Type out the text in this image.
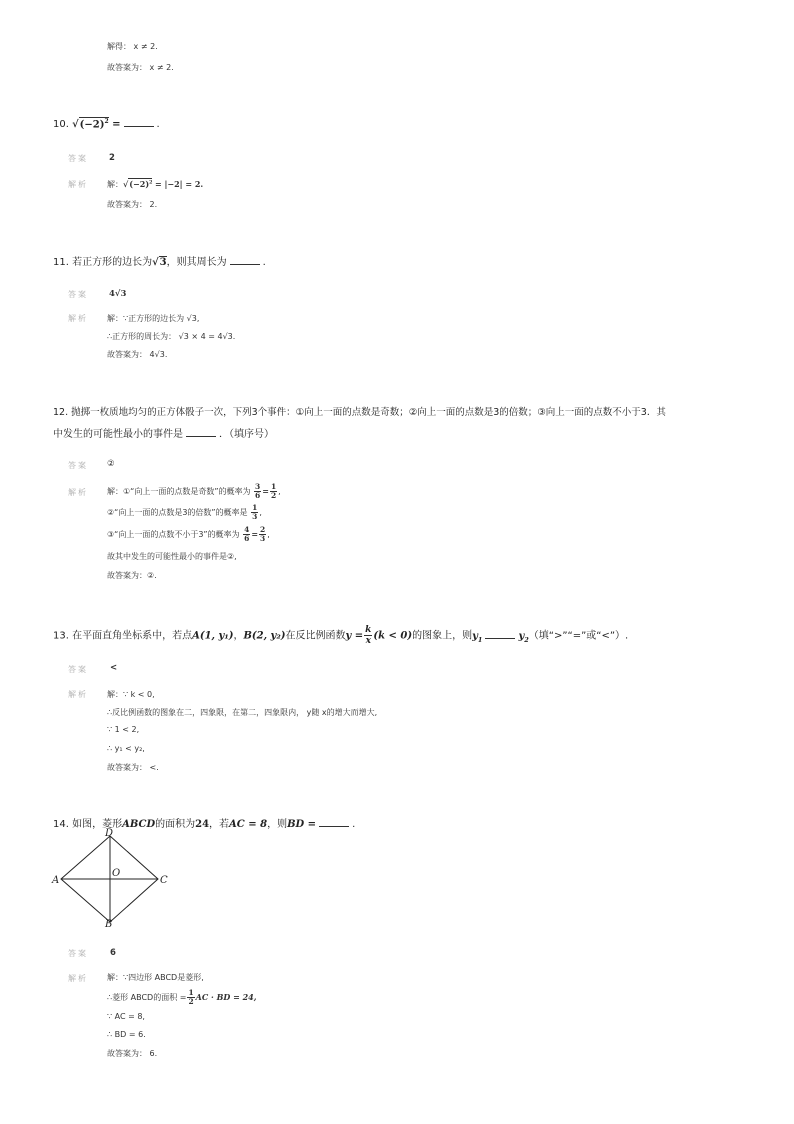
解得： x ≠ 2.
故答案为： x ≠ 2.
10. $√(-2)^2$ =	.
答案 2
解析 解：$√(-2)^2 = |-2| = 2$.
故答案为： 2.
11. 若正方形的边长为√3，则其周长为	.
答案 4√3
解析 解：∵正方形的边长为 √3,
∴正方形的周长为： √3 × 4 = 4√3.
故答案为： 4√3.
12. 抛掷一枚质地均匀的正方体骰子一次，下列3个事件：①向上一面的点数是奇数；②向上一面的点数是3的倍数；③向上一面的点数不小于3．其
中发生的可能性最小的事件是	．（填序号）
答案 ②
解析 解：①“向上一面的点数是奇数”的概率为 $\frac{3}{6} = \frac{1}{2}$ ,
②“向上一面的点数是3的倍数”的概率是 $\frac{1}{3}$ ,
③“向上一面的点数不小于3”的概率为 $\frac{4}{6} = \frac{2}{3}$ ,
故其中发生的可能性最小的事件是②,
故答案为：②.
13. 在平面直角坐标系中，若点A(1, y₁)，B(2, y₂)在反比例函数$y = \frac{k}{x} (k < 0)$的图象上，则$y_1$	$y_2$（填“>”“=”或“<”）.
答案	<
解析 解：∵ k < 0,
∴反比例函数的图象在二，四象限，在第二，四象限内， y随 x的增大而增大,
∵ 1 < 2,
∴ y₁ < y₂,
故答案为： <.
14. 如图，菱形ABCD的面积为24，若AC = 8，则BD =	.
D
A	C
B
O
答案	6
解析 解：∵四边形 ABCD是菱形,
∴菱形 ABCD的面积 = $\frac{1}{2}$ AC · BD = 24,
∵ AC = 8,
∴ BD = 6.
故答案为： 6.
